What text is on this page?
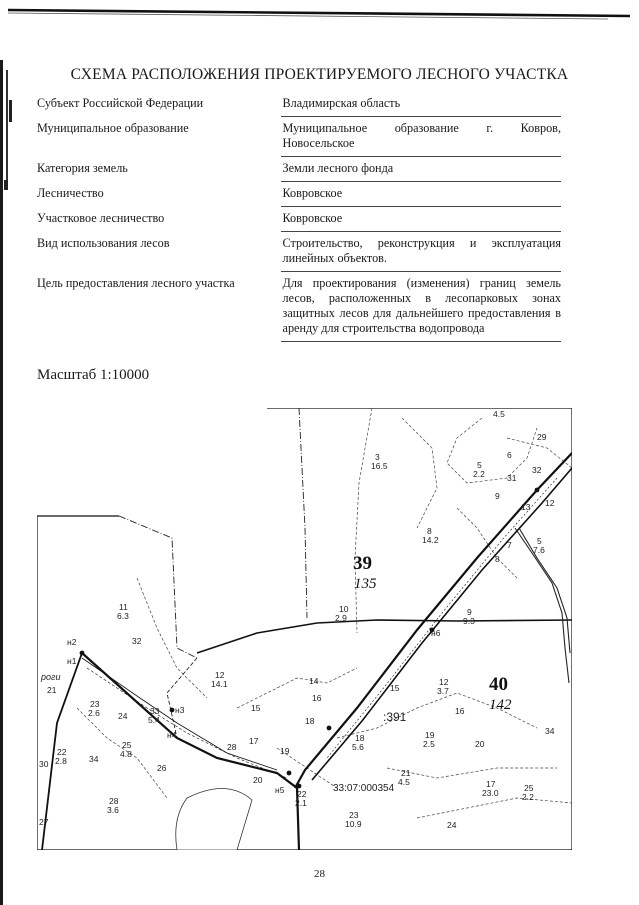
СХЕМА РАСПОЛОЖЕНИЯ ПРОЕКТИРУЕМОГО ЛЕСНОГО УЧАСТКА
Субъект Российской Федерации	Владимирская область
Муниципальное образование	Муниципальное образование г. Ковров, Новосельское
Категория земель	Земли лесного фонда
Лесничество	Ковровское
Участковое лесничество	Ковровское
Вид использования лесов	Строительство, реконструкция и эксплуатация линейных объектов.
Цель предоставления лесного участка	Для проектирования (изменения) границ земель лесов, расположенных в лесопарковых зонах защитных лесов для дальнейшего предоставления в аренду для строительства водопровода
Масштаб 1:10000
39
135
40
142
33:07:000354
:391
роги
н1
н2
н3
н4
н5
н6
3
16.5	5
2.2
8
14.2	5
7.6
10
2.9
9
9.3
11
6.3
12
14.1	12
3.7
23
2.6	33
5.4
22
2.8
25
4.8
28
3.6
18
5.6
19
2.5
21
4.5	17
23.0	25
2.2
22
2.1
23
10.9
29
31
32
6
9
7
8
12
13
32
21
24
34
26
27
30
14
15
16
15	16
17
18
19
20
28
20
24
34
4.5
28
